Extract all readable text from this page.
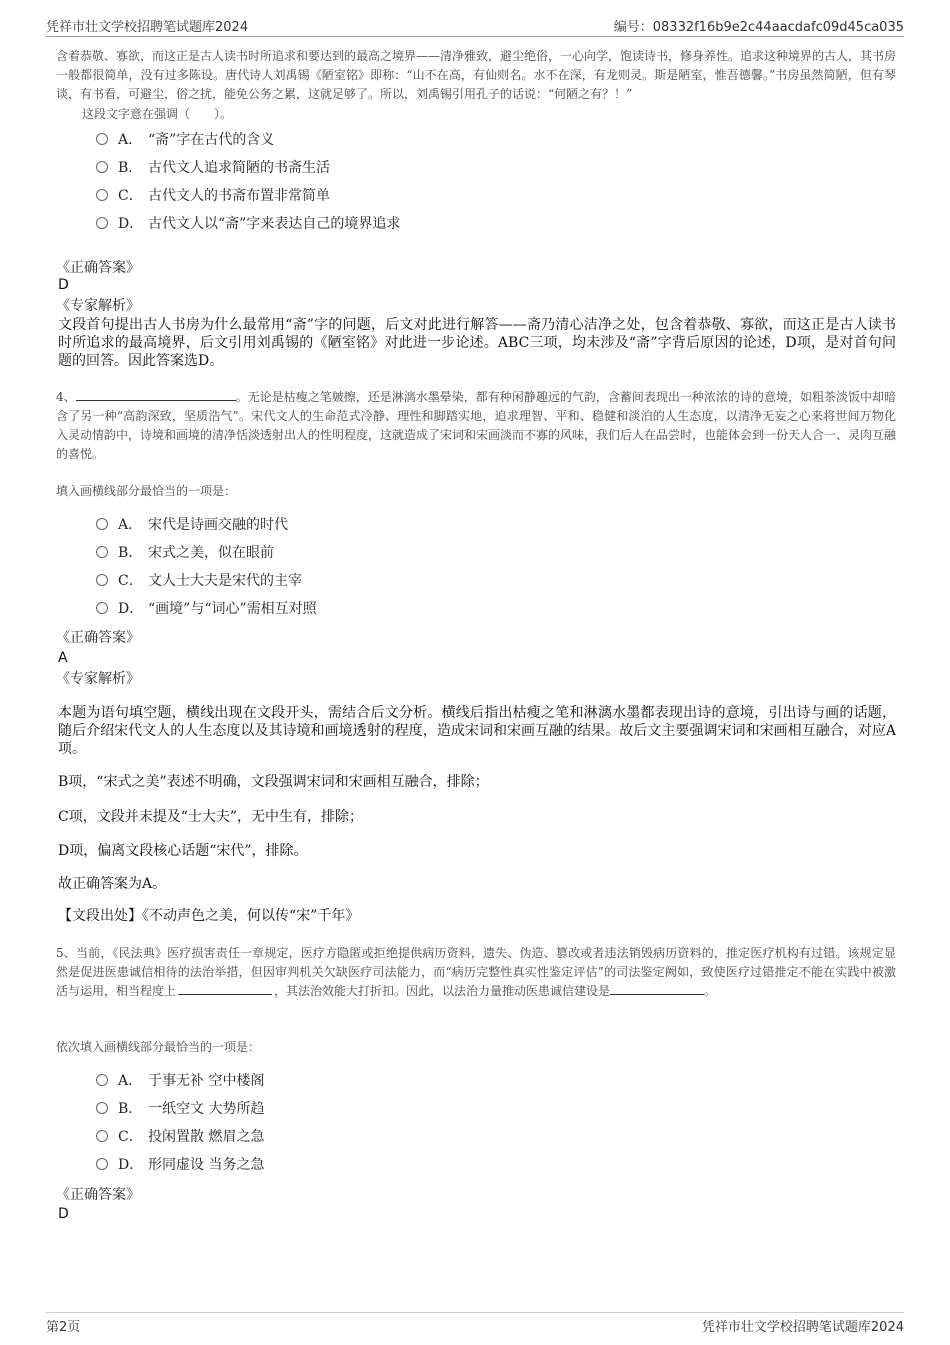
凭祥市壮文学校招聘笔试题库2024	编号：08332f16b9e2c44aacdafc09d45ca035
含着恭敬、寡欲，而这正是古人读书时所追求和要达到的最高之境界——清净雅致，避尘绝俗，一心向学，饱读诗书，修身养性。追求这种境界的古人，其书房一般都很简单，没有过多陈设。唐代诗人刘禹锡《陋室铭》即称：“山不在高，有仙则名。水不在深，有龙则灵。斯是陋室，惟吾德馨。”书房虽然简陋，但有琴谈，有书看，可避尘，俗之扰，能免公务之累，这就足够了。所以，刘禹锡引用孔子的话说：“何陋之有？！”
这段文字意在强调（　　）。
A． “斋”字在古代的含义
B． 古代文人追求简陋的书斋生活
C． 古代文人的书斋布置非常简单
D． 古代文人以“斋”字来表达自己的境界追求
《正确答案》
D
《专家解析》
文段首句提出古人书房为什么最常用“斋”字的问题，后文对此进行解答——斋乃清心洁净之处，包含着恭敬、寡欲，而这正是古人读书时所追求的最高境界，后文引用刘禹锡的《陋室铭》对此进一步论述。ABC三项，均未涉及“斋”字背后原因的论述，D项，是对首句问题的回答。因此答案选D。
4、	。无论是枯瘦之笔皴擦，还是淋漓水墨晕染，都有种闲静趣远的气韵，含蓄间表现出一种浓浓的诗的意境，如粗茶淡饭中却暗含了另一种“高韵深致，坚质浩气”。宋代文人的生命范式冷静、理性和脚踏实地，追求理智、平和、稳健和淡泊的人生态度，以清净无妄之心来将世间万物化入灵动情韵中，诗境和画境的清净恬淡透射出人的性明程度，这就造成了宋词和宋画淡而不寡的风味，我们后人在品尝时，也能体会到一份天人合一、灵肉互融的喜悦。
填入画横线部分最恰当的一项是：
A． 宋代是诗画交融的时代
B． 宋式之美，似在眼前
C． 文人士大夫是宋代的主宰
D． “画境”与“词心”需相互对照
《正确答案》
A
《专家解析》
本题为语句填空题，横线出现在文段开头，需结合后文分析。横线后指出枯瘦之笔和淋漓水墨都表现出诗的意境，引出诗与画的话题，随后介绍宋代文人的人生态度以及其诗境和画境透射的程度，造成宋词和宋画互融的结果。故后文主要强调宋词和宋画相互融合，对应A项。
B项，“宋式之美”表述不明确，文段强调宋词和宋画相互融合，排除；
C项，文段并未提及“士大夫”，无中生有，排除；
D项，偏离文段核心话题“宋代”，排除。
故正确答案为A。
【文段出处】《不动声色之美，何以传“宋”千年》
5、当前，《民法典》医疗损害责任一章规定，医疗方隐匿或拒绝提供病历资料，遗失、伪造、篡改或者违法销毁病历资料的，推定医疗机构有过错。该规定显然是促进医患诚信相待的法治举措，但因审判机关欠缺医疗司法能力，而“病历完整性真实性鉴定评估”的司法鉴定阙如，致使医疗过错推定不能在实践中被激活与运用，相当程度上	，其法治效能大打折扣。因此，以法治力量推动医患诚信建设是	。
依次填入画横线部分最恰当的一项是：
A． 于事无补 空中楼阁
B． 一纸空文 大势所趋
C． 投闲置散 燃眉之急
D． 形同虚设 当务之急
《正确答案》
D
第2页	凭祥市壮文学校招聘笔试题库2024
